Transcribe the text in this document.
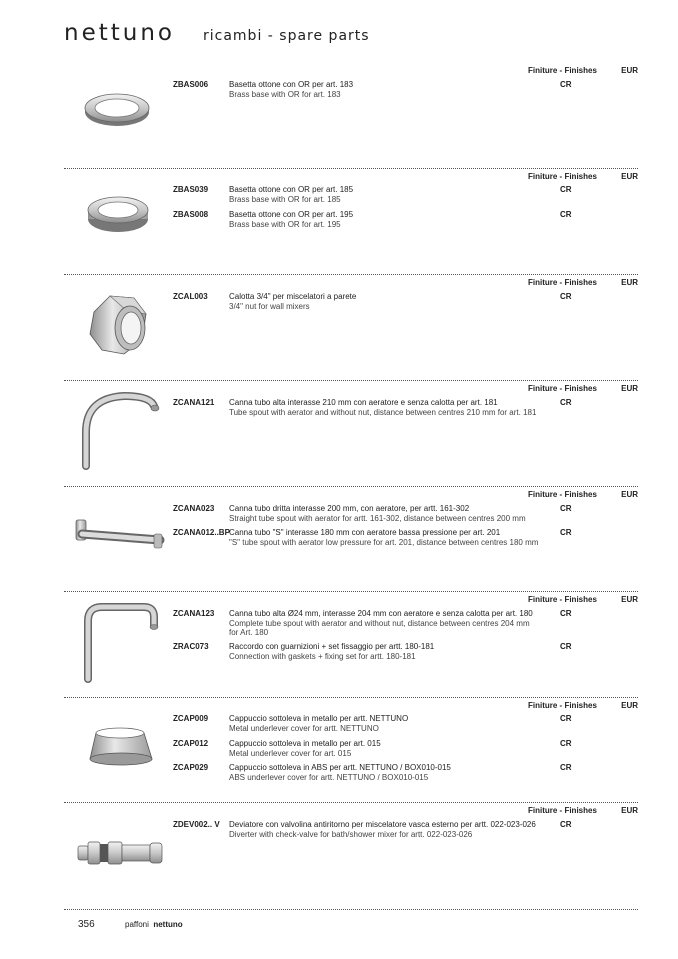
nettuno ricambi - spare parts
Finiture - Finishes	EUR
ZBAS006	Basetta ottone con OR per art. 183
Brass base with OR for art. 183
CR
Finiture - Finishes	EUR
ZBAS039	Basetta ottone con OR per art. 185
Brass base with OR for art. 185
CR
ZBAS008	Basetta ottone con OR per art. 195
Brass base with OR for art. 195
CR
Finiture - Finishes	EUR
ZCAL003	Calotta 3/4" per miscelatori a parete
3/4" nut for wall mixers
CR
Finiture - Finishes	EUR
ZCANA121 Canna tubo alta interasse 210 mm con aeratore e senza calotta per art. 181
Tube spout with aerator and without nut, distance between centres 210 mm for art. 181
CR
Finiture - Finishes	EUR
ZCANA023 Canna tubo dritta interasse 200 mm, con aeratore, per artt. 161-302
Straight tube spout with aerator for artt. 161-302, distance between centres 200 mm
CR
ZCANA012..BP Canna tubo "S" interasse 180 mm con aeratore bassa pressione per art. 201
"S" tube spout with aerator low pressure for art. 201, distance between centres 180 mm
CR
Finiture - Finishes	EUR
ZCANA123 Canna tubo alta Ø24 mm, interasse 204 mm con aeratore e senza calotta per art. 180
Complete tube spout with aerator and without nut, distance between centres 204 mm for Art. 180
CR
ZRAC073	Raccordo con guarnizioni + set fissaggio per artt. 180-181
Connection with gaskets + fixing set for artt. 180-181
CR
Finiture - Finishes	EUR
ZCAP009	Cappuccio sottoleva in metallo per artt. NETTUNO
Metal underlever cover for artt. NETTUNO
CR
ZCAP012	Cappuccio sottoleva in metallo per art. 015
Metal underlever cover for art. 015
CR
ZCAP029	Cappuccio sottoleva in ABS per artt. NETTUNO / BOX010-015
ABS underlever cover for artt. NETTUNO / BOX010-015
CR
Finiture - Finishes	EUR
ZDEV002.. V Deviatore con valvolina antiritorno per miscelatore vasca esterno per artt. 022-023-026
Diverter with check-valve for bath/shower mixer for artt. 022-023-026
CR
356	paffoni nettuno
